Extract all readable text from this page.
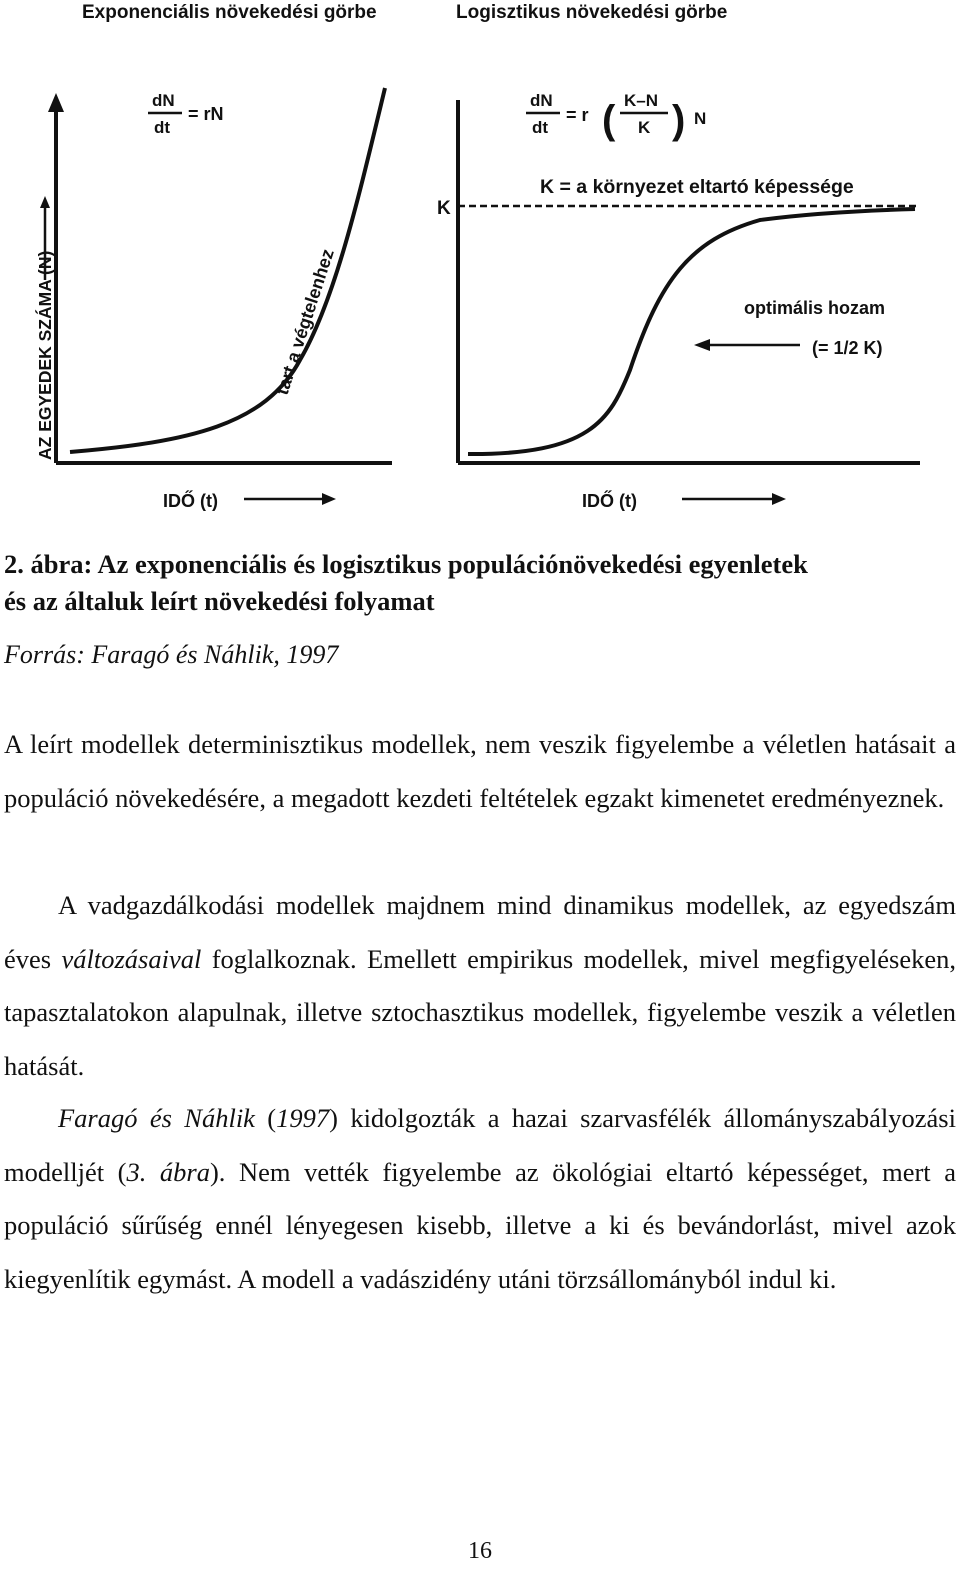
Exponenciális növekedési görbe	Logisztikus növekedési görbe
dN
dt
= rN
AZ EGYEDEK SZÁMA (N)	tart a végtelenhez
IDŐ (t)
dN
dt
= r ( K–N
K ) N
K
K = a környezet eltartó képessége
optimális hozam
(= 1/2 K)
IDŐ (t)
2. ábra: Az exponenciális és logisztikus populációnövekedési egyenletek
és az általuk leírt növekedési folyamat
Forrás: Faragó és Náhlik, 1997
A leírt modellek determinisztikus modellek, nem veszik figyelembe a véletlen hatásait a populáció növekedésére, a megadott kezdeti feltételek egzakt kimenetet eredményeznek.
A vadgazdálkodási modellek majdnem mind dinamikus modellek, az egyedszám éves változásaival foglalkoznak. Emellett empirikus modellek, mivel megfigyeléseken, tapasztalatokon alapulnak, illetve sztochasztikus modellek, figyelembe veszik a véletlen hatását.
Faragó és Náhlik (1997) kidolgozták a hazai szarvasfélék állományszabályozási modelljét (3. ábra). Nem vették figyelembe az ökológiai eltartó képességet, mert a populáció sűrűség ennél lényegesen kisebb, illetve a ki és bevándorlást, mivel azok kiegyenlítik egymást. A modell a vadászidény utáni törzsállományból indul ki.
16
